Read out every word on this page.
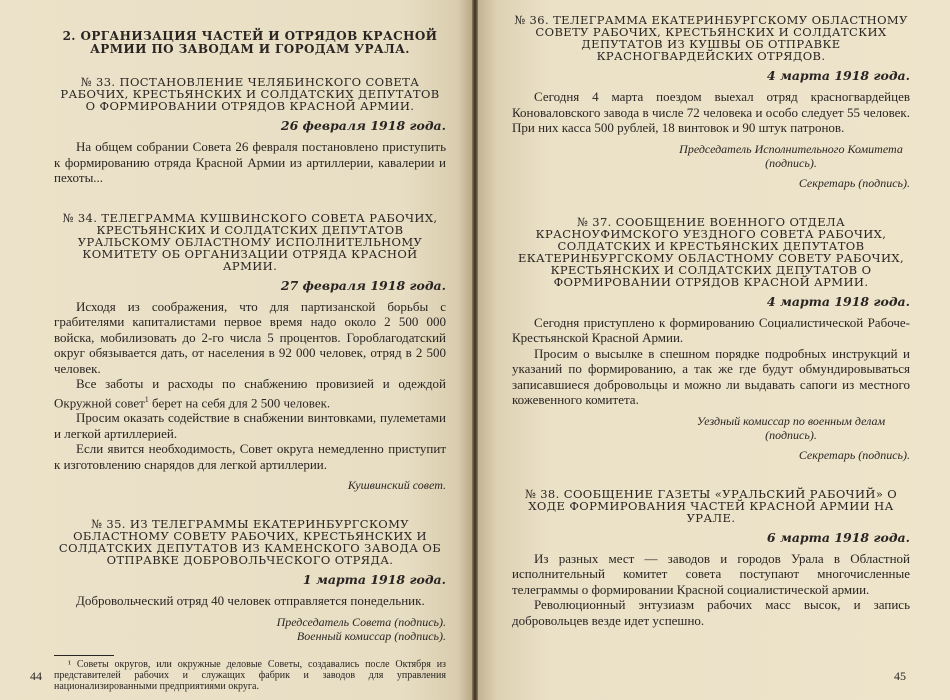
2. ОРГАНИЗАЦИЯ ЧАСТЕЙ И ОТРЯДОВ КРАСНОЙ АРМИИ ПО ЗАВОДАМ И ГОРОДАМ УРАЛА.
№ 33. ПОСТАНОВЛЕНИЕ ЧЕЛЯБИНСКОГО СОВЕТА РАБОЧИХ, КРЕСТЬЯНСКИХ И СОЛДАТСКИХ ДЕПУТАТОВ О ФОРМИРОВАНИИ ОТРЯДОВ КРАСНОЙ АРМИИ.
26 февраля 1918 года.

На общем собрании Совета 26 февраля постановлено приступить к формированию отряда Красной Армии из артиллерии, кавалерии и пехоты...

№ 34. ТЕЛЕГРАММА КУШВИНСКОГО СОВЕТА РАБОЧИХ, КРЕСТЬЯНСКИХ И СОЛДАТСКИХ ДЕПУТАТОВ УРАЛЬСКОМУ ОБЛАСТНОМУ ИСПОЛНИТЕЛЬНОМУ КОМИТЕТУ ОБ ОРГАНИЗАЦИИ ОТРЯДА КРАСНОЙ АРМИИ.
27 февраля 1918 года.

Исходя из соображения, что для партизанской борьбы с грабителями капиталистами первое время надо около 2 500 000 войска, мобилизовать до 2-го числа 5 процентов. Гороблагодатский округ обязывается дать, от населения в 92 000 человек, отряд в 2 500 человек.

Все заботы и расходы по снабжению провизией и одеждой Окружной совет$^1$ берет на себя для 2 500 человек.

Просим оказать содействие в снабжении винтовками, пулеметами и легкой артиллерией.

Если явится необходимость, Совет округа немедленно приступит к изготовлению снарядов для легкой артиллерии.

Кушвинский совет.
№ 35. ИЗ ТЕЛЕГРАММЫ ЕКАТЕРИНБУРГСКОМУ ОБЛАСТНОМУ СОВЕТУ РАБОЧИХ, КРЕСТЬЯНСКИХ И СОЛДАТСКИХ ДЕПУТАТОВ ИЗ КАМЕНСКОГО ЗАВОДА ОБ ОТПРАВКЕ ДОБРОВОЛЬЧЕСКОГО ОТРЯДА.
1 марта 1918 года.

Добровольческий отряд 40 человек отправляется понедельник.

Председатель Совета (подпись).
Военный комиссар (подпись).

¹ Советы округов, или окружные деловые Советы, создавались после Октября из представителей рабочих и служащих фабрик и заводов для управления национализированными предприятиями округа.

44
№ 36. ТЕЛЕГРАММА ЕКАТЕРИНБУРГСКОМУ ОБЛАСТНОМУ СОВЕТУ РАБОЧИХ, КРЕСТЬЯНСКИХ И СОЛДАТСКИХ ДЕПУТАТОВ ИЗ КУШВЫ ОБ ОТПРАВКЕ КРАСНОГВАРДЕЙСКИХ ОТРЯДОВ.
4 марта 1918 года.

Сегодня 4 марта поездом выехал отряд красногвардейцев Коноваловского завода в числе 72 человека и особо следует 55 человек. При них касса 500 рублей, 18 винтовок и 90 штук патронов.

Председатель Исполнительного Комитета (подпись).
Секретарь (подпись).
№ 37. СООБЩЕНИЕ ВОЕННОГО ОТДЕЛА КРАСНОУФИМСКОГО УЕЗДНОГО СОВЕТА РАБОЧИХ, СОЛДАТСКИХ И КРЕСТЬЯНСКИХ ДЕПУТАТОВ ЕКАТЕРИНБУРГСКОМУ ОБЛАСТНОМУ СОВЕТУ РАБОЧИХ, КРЕСТЬЯНСКИХ И СОЛДАТСКИХ ДЕПУТАТОВ О ФОРМИРОВАНИИ ОТРЯДОВ КРАСНОЙ АРМИИ.
4 марта 1918 года.

Сегодня приступлено к формированию Социалистической Рабоче-Крестьянской Красной Армии.

Просим о высылке в спешном порядке подробных инструкций и указаний по формированию, а так же где будут обмундировываться записавшиеся добровольцы и можно ли выдавать сапоги из местного кожевенного комитета.

Уездный комиссар по военным делам (подпись).
Секретарь (подпись).
№ 38. СООБЩЕНИЕ ГАЗЕТЫ «УРАЛЬСКИЙ РАБОЧИЙ» О ХОДЕ ФОРМИРОВАНИЯ ЧАСТЕЙ КРАСНОЙ АРМИИ НА УРАЛЕ.
6 марта 1918 года.

Из разных мест — заводов и городов Урала в Областной исполнительный комитет совета поступают многочисленные телеграммы о формировании Красной социалистической армии.

Революционный энтузиазм рабочих масс высок, и запись добровольцев везде идет успешно.

45
